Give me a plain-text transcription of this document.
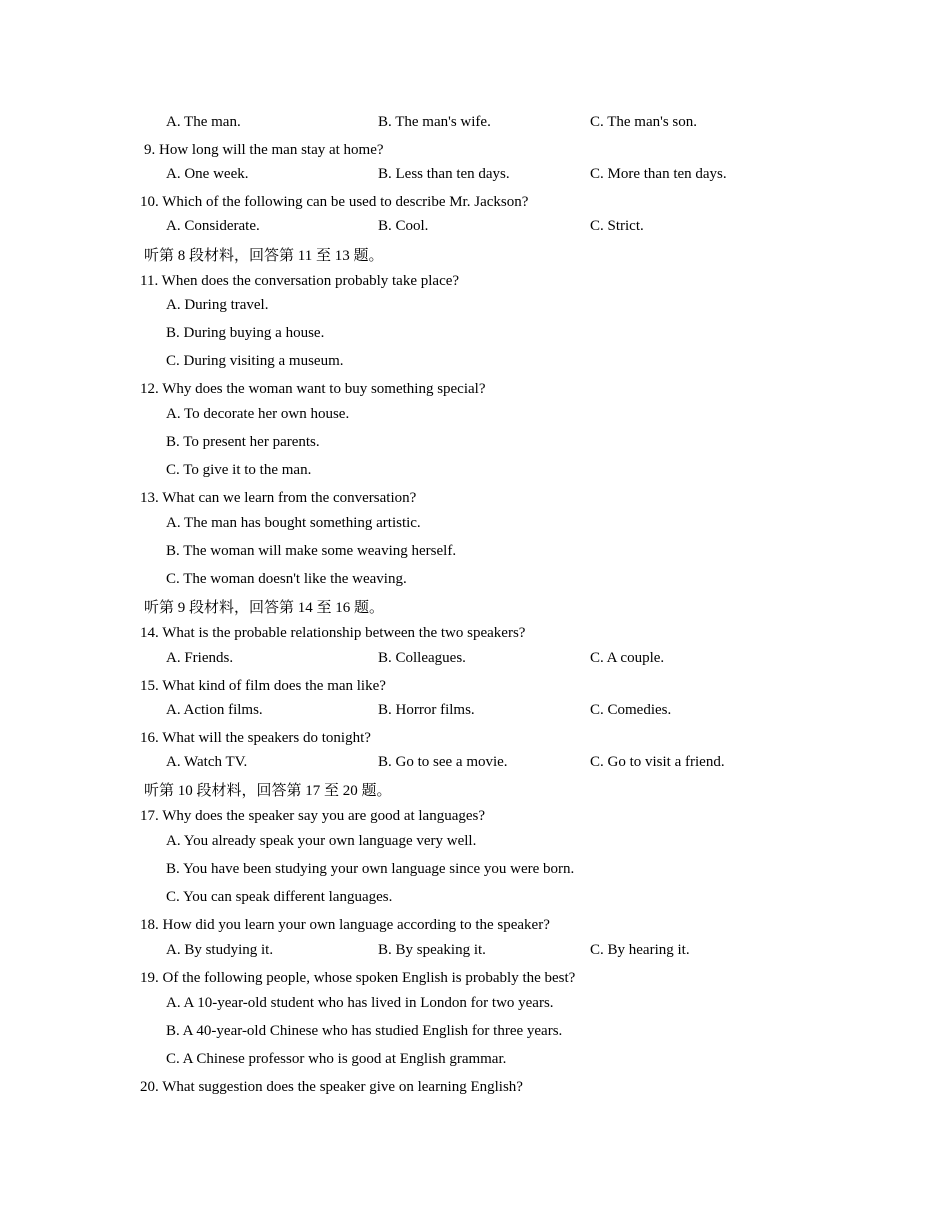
A. The man.	B. The man's wife.	C. The man's son.
9. How long will the man stay at home?
A. One week.	B. Less than ten days.	C. More than ten days.
10. Which of the following can be used to describe Mr. Jackson?
A. Considerate.	B. Cool.	C. Strict.
听第 8 段材料，回答第 11 至 13 题。
11. When does the conversation probably take place?
A. During travel.
B. During buying a house.
C. During visiting a museum.
12. Why does the woman want to buy something special?
A. To decorate her own house.
B. To present her parents.
C. To give it to the man.
13. What can we learn from the conversation?
A. The man has bought something artistic.
B. The woman will make some weaving herself.
C. The woman doesn't like the weaving.
听第 9 段材料，回答第 14 至 16 题。
14. What is the probable relationship between the two speakers?
A. Friends.	B. Colleagues.	C. A couple.
15. What kind of film does the man like?
A. Action films.	B. Horror films.	C. Comedies.
16. What will the speakers do tonight?
A. Watch TV.	B. Go to see a movie.	C. Go to visit a friend.
听第 10 段材料，回答第 17 至 20 题。
17. Why does the speaker say you are good at languages?
A. You already speak your own language very well.
B. You have been studying your own language since you were born.
C. You can speak different languages.
18. How did you learn your own language according to the speaker?
A. By studying it.	B. By speaking it.	C. By hearing it.
19. Of the following people, whose spoken English is probably the best?
A. A 10-year-old student who has lived in London for two years.
B. A 40-year-old Chinese who has studied English for three years.
C. A Chinese professor who is good at English grammar.
20. What suggestion does the speaker give on learning English?
